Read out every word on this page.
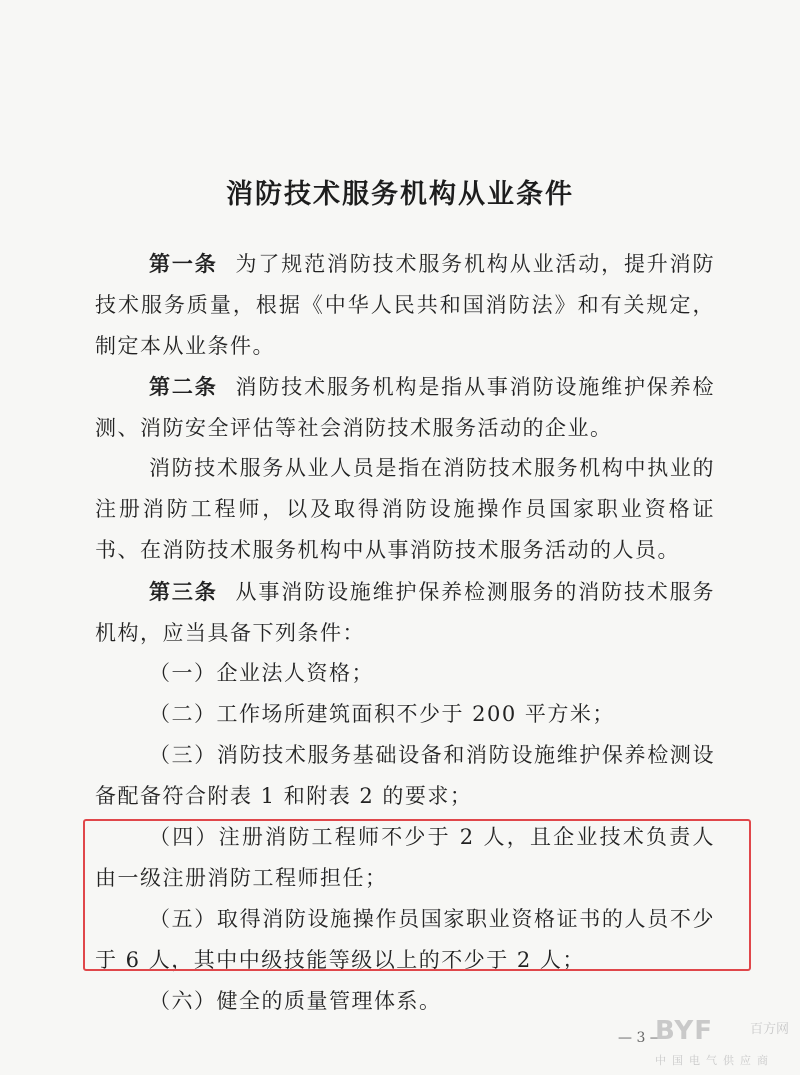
消防技术服务机构从业条件
第一条 为了规范消防技术服务机构从业活动，提升消防技术服务质量，根据《中华人民共和国消防法》和有关规定，制定本从业条件。
第二条 消防技术服务机构是指从事消防设施维护保养检测、消防安全评估等社会消防技术服务活动的企业。
消防技术服务从业人员是指在消防技术服务机构中执业的注册消防工程师，以及取得消防设施操作员国家职业资格证书、在消防技术服务机构中从事消防技术服务活动的人员。
第三条 从事消防设施维护保养检测服务的消防技术服务机构，应当具备下列条件：
（一）企业法人资格；
（二）工作场所建筑面积不少于 200 平方米；
（三）消防技术服务基础设备和消防设施维护保养检测设备配备符合附表 1 和附表 2 的要求；
（四）注册消防工程师不少于 2 人，且企业技术负责人由一级注册消防工程师担任；
（五）取得消防设施操作员国家职业资格证书的人员不少于 6 人，其中中级技能等级以上的不少于 2 人；
（六）健全的质量管理体系。
— 3 —
BYF	百方网
中国电气供应商
